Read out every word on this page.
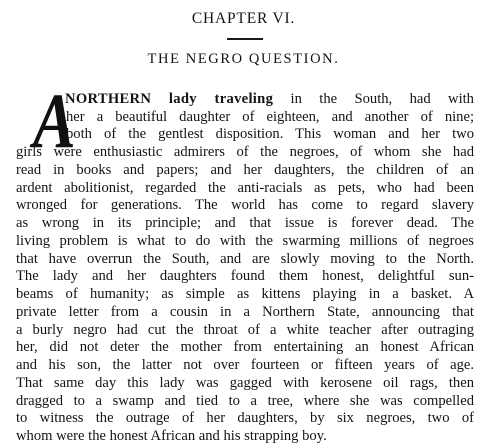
CHAPTER VI.
THE NEGRO QUESTION.
A
NORTHERN lady traveling in the South, had with
her a beautiful daughter of eighteen, and another of nine;
both of the gentlest disposition. This woman and her two
girls were enthusiastic admirers of the negroes, of whom she had
read in books and papers; and her daughters, the children of an
ardent abolitionist, regarded the anti-racials as pets, who had been
wronged for generations. The world has come to regard slavery
as wrong in its principle; and that issue is forever dead. The
living problem is what to do with the swarming millions of negroes
that have overrun the South, and are slowly moving to the North.
The lady and her daughters found them honest, delightful sun-
beams of humanity; as simple as kittens playing in a basket. A
private letter from a cousin in a Northern State, announcing that
a burly negro had cut the throat of a white teacher after outraging
her, did not deter the mother from entertaining an honest African
and his son, the latter not over fourteen or fifteen years of age.
That same day this lady was gagged with kerosene oil rags, then
dragged to a swamp and tied to a tree, where she was compelled
to witness the outrage of her daughters, by six negroes, two of
whom were the honest African and his strapping boy.
